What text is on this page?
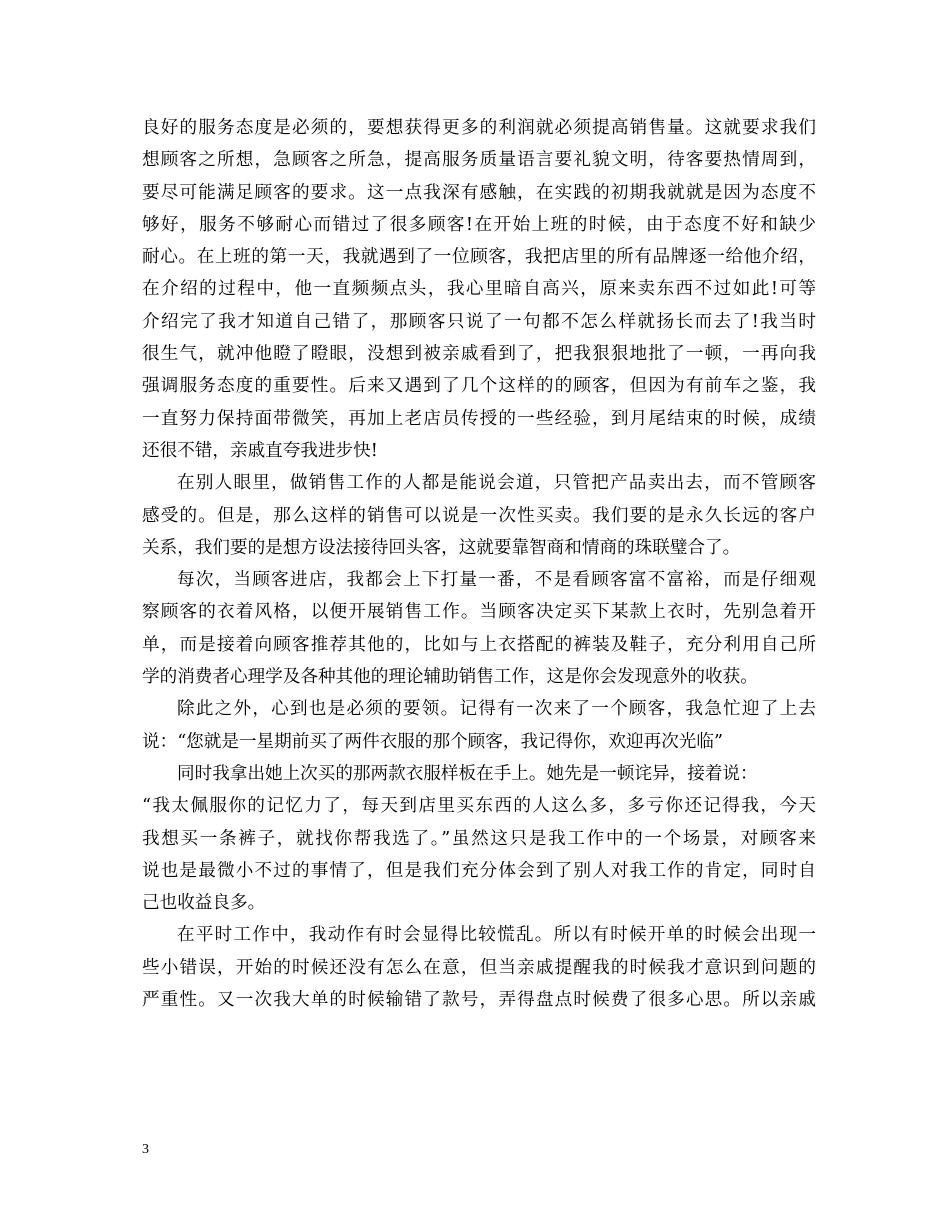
良好的服务态度是必须的，要想获得更多的利润就必须提高销售量。这就要求我们
想顾客之所想，急顾客之所急，提高服务质量语言要礼貌文明，待客要热情周到，
要尽可能满足顾客的要求。这一点我深有感触，在实践的初期我就就是因为态度不
够好，服务不够耐心而错过了很多顾客!在开始上班的时候，由于态度不好和缺少
耐心。在上班的第一天，我就遇到了一位顾客，我把店里的所有品牌逐一给他介绍，
在介绍的过程中，他一直频频点头，我心里暗自高兴，原来卖东西不过如此!可等
介绍完了我才知道自己错了，那顾客只说了一句都不怎么样就扬长而去了!我当时
很生气，就冲他瞪了瞪眼，没想到被亲戚看到了，把我狠狠地批了一顿，一再向我
强调服务态度的重要性。后来又遇到了几个这样的的顾客，但因为有前车之鉴，我
一直努力保持面带微笑，再加上老店员传授的一些经验，到月尾结束的时候，成绩
还很不错，亲戚直夸我进步快!
在别人眼里，做销售工作的人都是能说会道，只管把产品卖出去，而不管顾客
感受的。但是，那么这样的销售可以说是一次性买卖。我们要的是永久长远的客户
关系，我们要的是想方设法接待回头客，这就要靠智商和情商的珠联璧合了。
每次，当顾客进店，我都会上下打量一番，不是看顾客富不富裕，而是仔细观
察顾客的衣着风格，以便开展销售工作。当顾客决定买下某款上衣时，先别急着开
单，而是接着向顾客推荐其他的，比如与上衣搭配的裤装及鞋子，充分利用自己所
学的消费者心理学及各种其他的理论辅助销售工作，这是你会发现意外的收获。
除此之外，心到也是必须的要领。记得有一次来了一个顾客，我急忙迎了上去
说：“您就是一星期前买了两件衣服的那个顾客，我记得你，欢迎再次光临”
同时我拿出她上次买的那两款衣服样板在手上。她先是一顿诧异，接着说：
“我太佩服你的记忆力了，每天到店里买东西的人这么多，多亏你还记得我，今天
我想买一条裤子，就找你帮我选了。”虽然这只是我工作中的一个场景，对顾客来
说也是最微小不过的事情了，但是我们充分体会到了别人对我工作的肯定，同时自
己也收益良多。
在平时工作中，我动作有时会显得比较慌乱。所以有时候开单的时候会出现一
些小错误，开始的时候还没有怎么在意，但当亲戚提醒我的时候我才意识到问题的
严重性。又一次我大单的时候输错了款号，弄得盘点时候费了很多心思。所以亲戚
3
